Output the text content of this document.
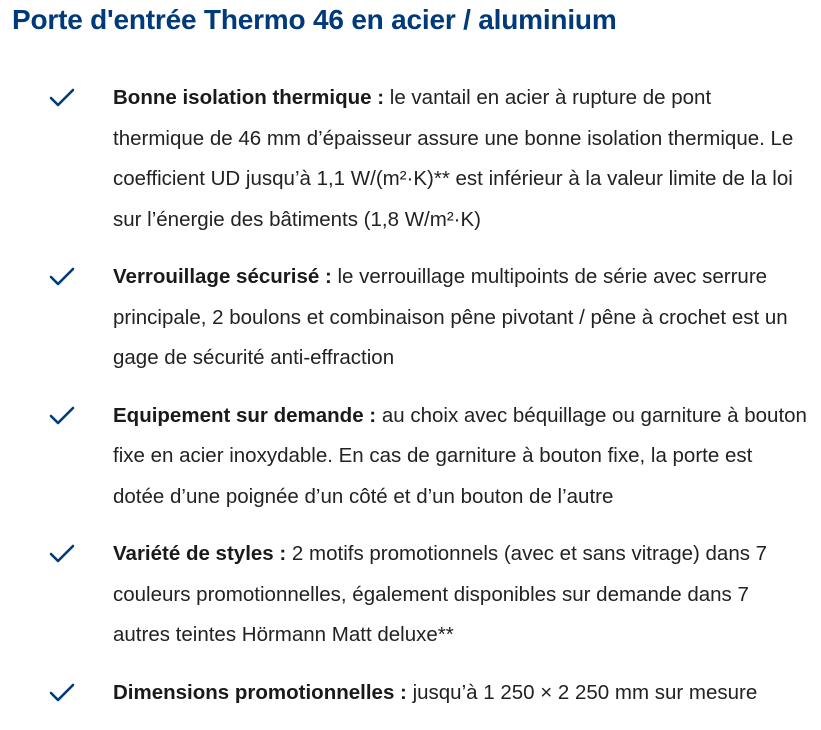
Porte d'entrée Thermo 46 en acier / aluminium
Bonne isolation thermique : le vantail en acier à rupture de pont thermique de 46 mm d’épaisseur assure une bonne isolation thermique. Le coefficient UD jusqu’à 1,1 W/(m²·K)** est inférieur à la valeur limite de la loi sur l’énergie des bâtiments (1,8 W/m²·K)
Verrouillage sécurisé : le verrouillage multipoints de série avec serrure principale, 2 boulons et combinaison pêne pivotant / pêne à crochet est un gage de sécurité anti-effraction
Equipement sur demande : au choix avec béquillage ou garniture à bouton fixe en acier inoxydable. En cas de garniture à bouton fixe, la porte est dotée d’une poignée d’un côté et d’un bouton de l’autre
Variété de styles : 2 motifs promotionnels (avec et sans vitrage) dans 7 couleurs promotionnelles, également disponibles sur demande dans 7 autres teintes Hörmann Matt deluxe**
Dimensions promotionnelles : jusqu’à 1 250 × 2 250 mm sur mesure
